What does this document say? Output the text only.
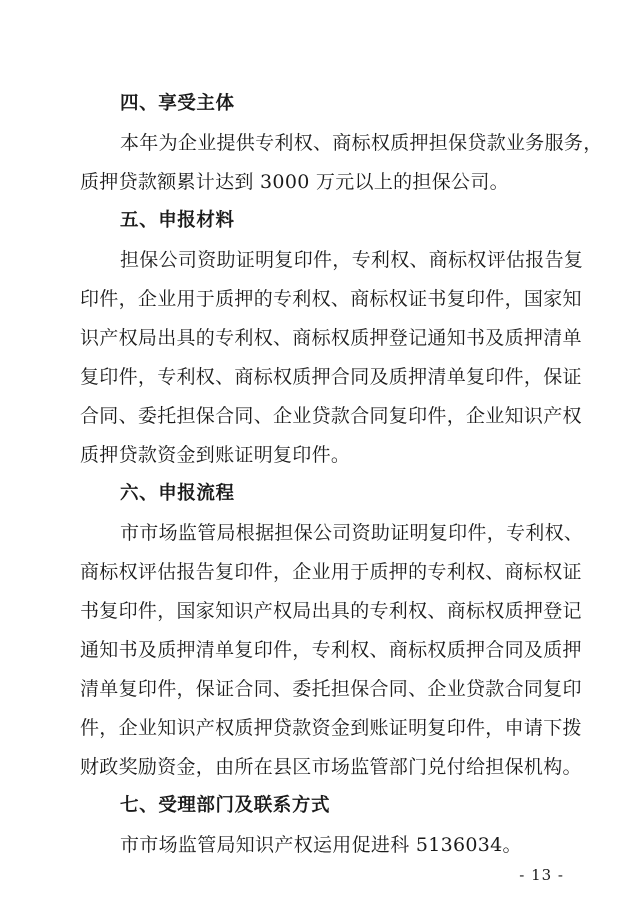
四、享受主体
本年为企业提供专利权、商标权质押担保贷款业务服务，
质押贷款额累计达到 3000 万元以上的担保公司。
五、申报材料
担保公司资助证明复印件，专利权、商标权评估报告复
印件，企业用于质押的专利权、商标权证书复印件，国家知
识产权局出具的专利权、商标权质押登记通知书及质押清单
复印件，专利权、商标权质押合同及质押清单复印件，保证
合同、委托担保合同、企业贷款合同复印件，企业知识产权
质押贷款资金到账证明复印件。
六、申报流程
市市场监管局根据担保公司资助证明复印件，专利权、
商标权评估报告复印件，企业用于质押的专利权、商标权证
书复印件，国家知识产权局出具的专利权、商标权质押登记
通知书及质押清单复印件，专利权、商标权质押合同及质押
清单复印件，保证合同、委托担保合同、企业贷款合同复印
件，企业知识产权质押贷款资金到账证明复印件，申请下拨
财政奖励资金，由所在县区市场监管部门兑付给担保机构。
七、受理部门及联系方式
市市场监管局知识产权运用促进科 5136034。
- 13 -
